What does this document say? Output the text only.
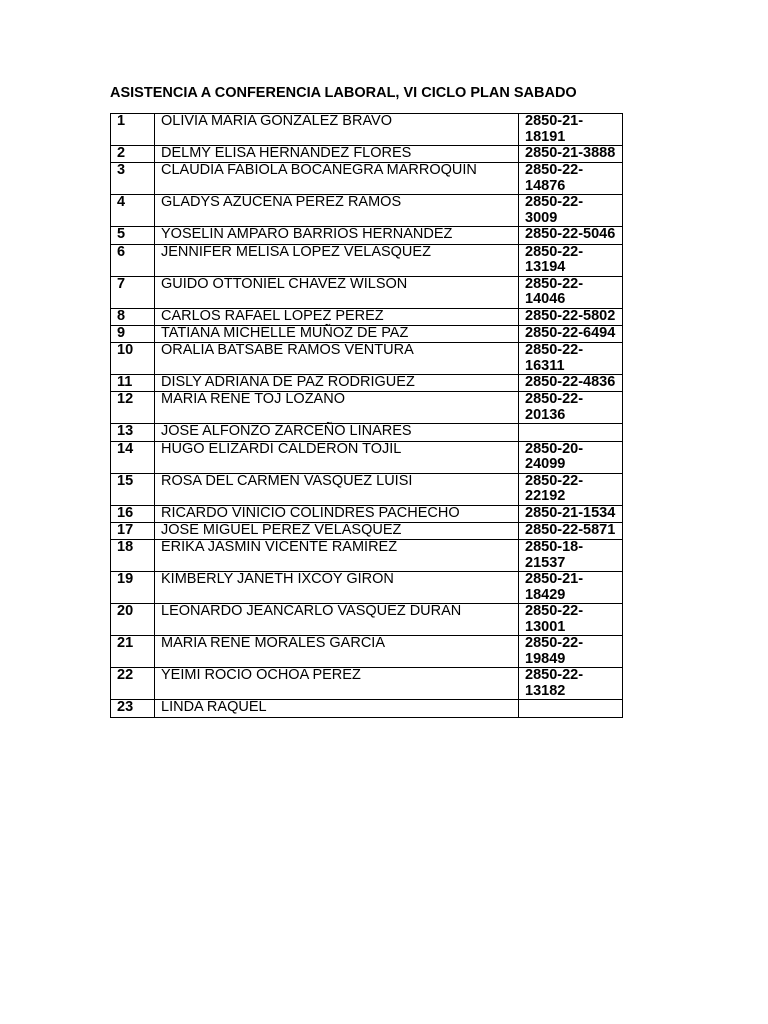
ASISTENCIA A CONFERENCIA LABORAL, VI CICLO PLAN SABADO
1	OLIVIA MARIA GONZALEZ BRAVO	2850-21-18191
2	DELMY ELISA HERNANDEZ FLORES	2850-21-3888
3	CLAUDIA FABIOLA BOCANEGRA MARROQUIN	2850-22-14876
4	GLADYS AZUCENA PEREZ RAMOS	2850-22- 3009
5	YOSELIN AMPARO BARRIOS HERNANDEZ	2850-22-5046
6	JENNIFER MELISA LOPEZ VELASQUEZ	2850-22-13194
7	GUIDO OTTONIEL CHAVEZ WILSON	2850-22-14046
8	CARLOS RAFAEL LOPEZ PEREZ	2850-22-5802
9	TATIANA MICHELLE MUÑOZ DE PAZ	2850-22-6494
10	ORALIA BATSABE RAMOS VENTURA	2850-22-16311
11	DISLY ADRIANA DE PAZ RODRIGUEZ	2850-22-4836
12	MARIA RENE TOJ LOZANO	2850-22-20136
13	JOSE ALFONZO ZARCEÑO LINARES	
14	HUGO ELIZARDI CALDERON TOJIL	2850-20-24099
15	ROSA DEL CARMEN VASQUEZ LUISI	2850-22-22192
16	RICARDO VINICIO COLINDRES PACHECHO	2850-21-1534
17	JOSE MIGUEL PEREZ VELASQUEZ	2850-22-5871
18	ERIKA JASMIN VICENTE RAMIREZ	2850-18-21537
19	KIMBERLY JANETH IXCOY GIRON	2850-21-18429
20	LEONARDO JEANCARLO VASQUEZ DURAN	2850-22-13001
21	MARIA RENE MORALES GARCIA	2850-22-19849
22	YEIMI ROCIO OCHOA PEREZ	2850-22-13182
23	LINDA RAQUEL	
